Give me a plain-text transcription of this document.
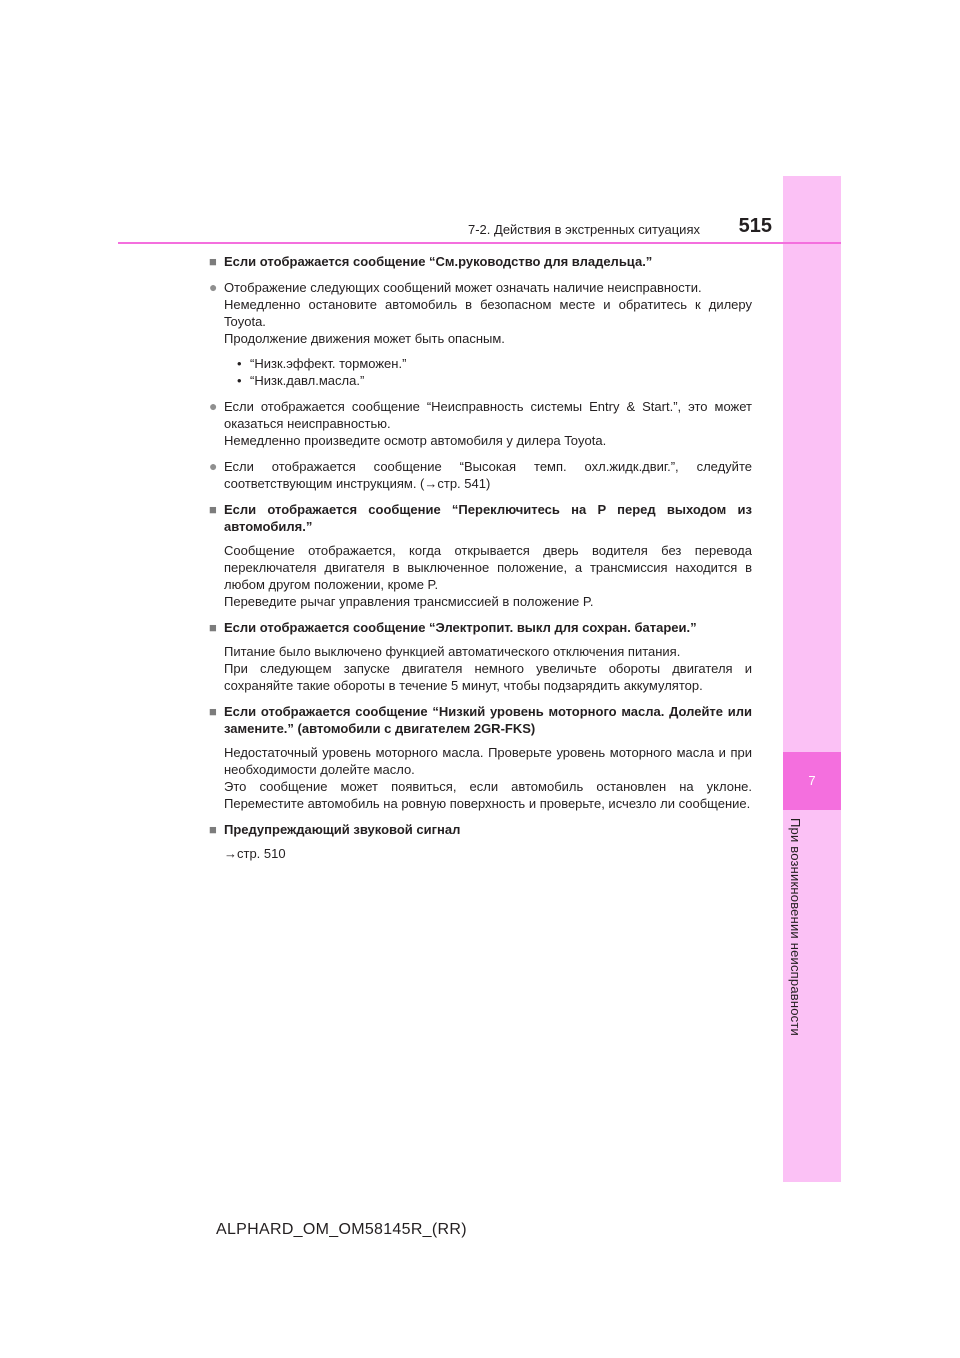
7
При возникновении неисправности
7-2. Действия в экстренных ситуациях	515
■ Если отображается сообщение “См.руководство для владельца.”
● Отображение следующих сообщений может означать наличие неисправности.
Немедленно остановите автомобиль в безопасном месте и обратитесь к дилеру Toyota.
Продолжение движения может быть опасным.
• “Низк.эффект. торможен.”
• “Низк.давл.масла.”
● Если отображается сообщение “Неисправность системы Entry & Start.”, это может оказаться неисправностью.
Немедленно произведите осмотр автомобиля у дилера Toyota.
● Если отображается сообщение “Высокая темп. охл.жидк.двиг.”, следуйте соответствующим инструкциям. (→стр. 541)
■ Если отображается сообщение “Переключитесь на P перед выходом из автомобиля.”
Сообщение отображается, когда открывается дверь водителя без перевода переключателя двигателя в выключенное положение, а трансмиссия находится в любом другом положении, кроме P.
Переведите рычаг управления трансмиссией в положение P.
■ Если отображается сообщение “Электропит. выкл для сохран. батареи.”
Питание было выключено функцией автоматического отключения питания.
При следующем запуске двигателя немного увеличьте обороты двигателя и сохраняйте такие обороты в течение 5 минут, чтобы подзарядить аккумулятор.
■ Если отображается сообщение “Низкий уровень моторного масла. Долейте или замените.” (автомобили с двигателем 2GR-FKS)
Недостаточный уровень моторного масла. Проверьте уровень моторного масла и при необходимости долейте масло.
Это сообщение может появиться, если автомобиль остановлен на уклоне. Переместите автомобиль на ровную поверхность и проверьте, исчезло ли сообщение.
■ Предупреждающий звуковой сигнал
→стр. 510
ALPHARD_OM_OM58145R_(RR)
